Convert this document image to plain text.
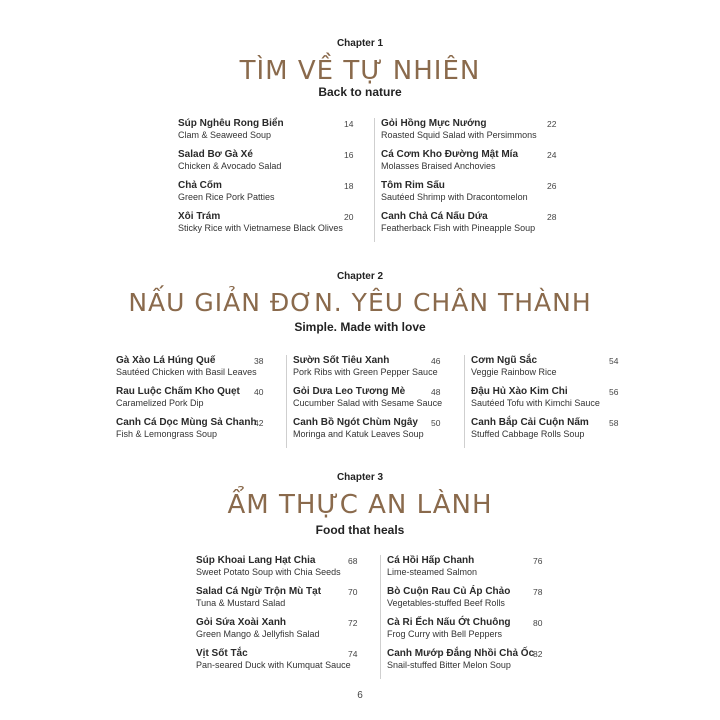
Chapter 1
TÌM VỀ TỰ NHIÊN
Back to nature
Súp Nghêu Rong Biển
Clam & Seaweed Soup
14
Salad Bơ Gà Xé
Chicken & Avocado Salad
16
Chả Cốm
Green Rice Pork Patties
18
Xôi Trám
Sticky Rice with Vietnamese Black Olives
20
Gỏi Hồng Mực Nướng
Roasted Squid Salad with Persimmons
22
Cá Cơm Kho Đường Mật Mía
Molasses Braised Anchovies
24
Tôm Rim Sấu
Sautéed Shrimp with Dracontomelon
26
Canh Chả Cá Nấu Dứa
Featherback Fish with Pineapple Soup
28
Chapter 2
NẤU GIẢN ĐƠN. YÊU CHÂN THÀNH
Simple. Made with love
Gà Xào Lá Húng Quế
Sautéed Chicken with Basil Leaves
38
Rau Luộc Chấm Kho Quẹt
Caramelized Pork Dip
40
Canh Cá Dọc Mùng Sả Chanh
Fish & Lemongrass Soup
42
Sườn Sốt Tiêu Xanh
Pork Ribs with Green Pepper Sauce
46
Gỏi Dưa Leo Tương Mè
Cucumber Salad with Sesame Sauce
48
Canh Bồ Ngót Chùm Ngây
Moringa and Katuk Leaves Soup
50
Cơm Ngũ Sắc
Veggie Rainbow Rice
54
Đậu Hủ Xào Kim Chi
Sautéed Tofu with Kimchi Sauce
56
Canh Bắp Cải Cuộn Nấm
Stuffed Cabbage Rolls Soup
58
Chapter 3
ẨM THỰC AN LÀNH
Food that heals
Súp Khoai Lang Hạt Chia
Sweet Potato Soup with Chia Seeds
68
Salad Cá Ngừ Trộn Mù Tạt
Tuna & Mustard Salad
70
Gỏi Sứa Xoài Xanh
Green Mango & Jellyfish Salad
72
Vịt Sốt Tắc
Pan-seared Duck with Kumquat Sauce
74
Cá Hồi Hấp Chanh
Lime-steamed Salmon
76
Bò Cuộn Rau Củ Áp Chảo
Vegetables-stuffed Beef Rolls
78
Cà Ri Ếch Nấu Ớt Chuông
Frog Curry with Bell Peppers
80
Canh Mướp Đắng Nhồi Chả Ốc
Snail-stuffed Bitter Melon Soup
82
6
